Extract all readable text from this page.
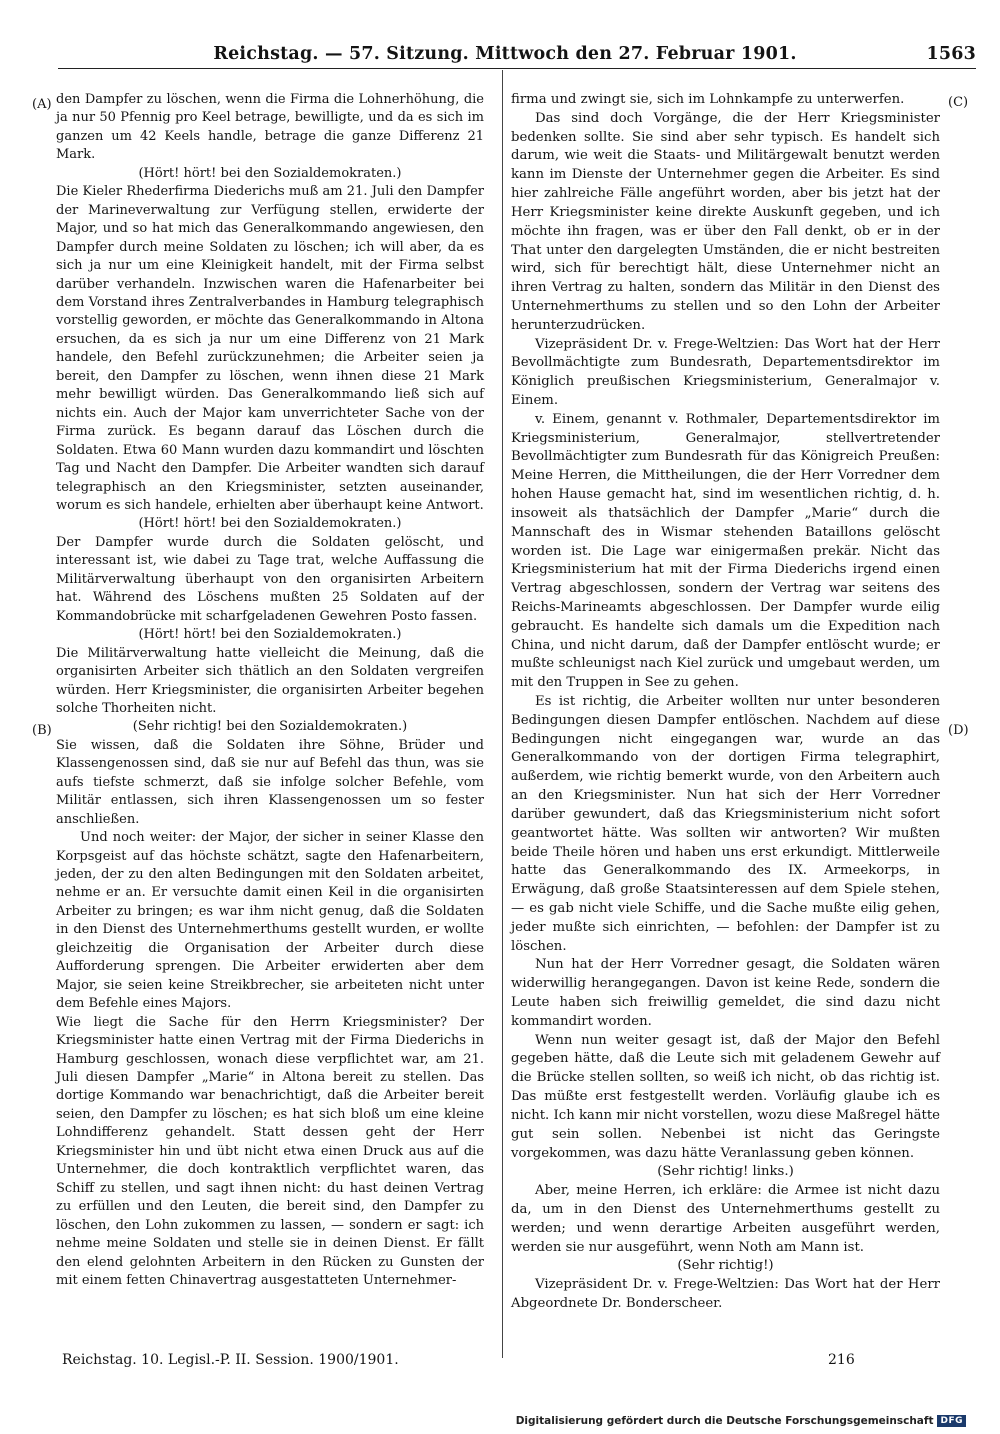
Reichstag. — 57. Sitzung. Mittwoch den 27. Februar 1901.	1563
(A)
(B)
(C)
(D)

den Dampfer zu löschen, wenn die Firma die Lohnerhöhung, die ja nur 50 Pfennig pro Keel betrage, bewilligte, und da es sich im ganzen um 42 Keels handle, betrage die ganze Differenz 21 Mark.

(Hört! hört! bei den Sozialdemokraten.)

Die Kieler Rhederfirma Diederichs muß am 21. Juli den Dampfer der Marineverwaltung zur Verfügung stellen, erwiderte der Major, und so hat mich das Generalkommando angewiesen, den Dampfer durch meine Soldaten zu löschen; ich will aber, da es sich ja nur um eine Kleinigkeit handelt, mit der Firma selbst darüber verhandeln. Inzwischen waren die Hafenarbeiter bei dem Vorstand ihres Zentralverbandes in Hamburg telegraphisch vorstellig geworden, er möchte das Generalkommando in Altona ersuchen, da es sich ja nur um eine Differenz von 21 Mark handele, den Befehl zurückzunehmen; die Arbeiter seien ja bereit, den Dampfer zu löschen, wenn ihnen diese 21 Mark mehr bewilligt würden. Das Generalkommando ließ sich auf nichts ein. Auch der Major kam unverrichteter Sache von der Firma zurück. Es begann darauf das Löschen durch die Soldaten. Etwa 60 Mann wurden dazu kommandirt und löschten Tag und Nacht den Dampfer. Die Arbeiter wandten sich darauf telegraphisch an den Kriegsminister, setzten auseinander, worum es sich handele, erhielten aber überhaupt keine Antwort.

(Hört! hört! bei den Sozialdemokraten.)

Der Dampfer wurde durch die Soldaten gelöscht, und interessant ist, wie dabei zu Tage trat, welche Auffassung die Militärverwaltung überhaupt von den organisirten Arbeitern hat. Während des Löschens mußten 25 Soldaten auf der Kommandobrücke mit scharfgeladenen Gewehren Posto fassen.

(Hört! hört! bei den Sozialdemokraten.)

Die Militärverwaltung hatte vielleicht die Meinung, daß die organisirten Arbeiter sich thätlich an den Soldaten vergreifen würden. Herr Kriegsminister, die organisirten Arbeiter begehen solche Thorheiten nicht.

(Sehr richtig! bei den Sozialdemokraten.)

Sie wissen, daß die Soldaten ihre Söhne, Brüder und Klassengenossen sind, daß sie nur auf Befehl das thun, was sie aufs tiefste schmerzt, daß sie infolge solcher Befehle, vom Militär entlassen, sich ihren Klassengenossen um so fester anschließen.

Und noch weiter: der Major, der sicher in seiner Klasse den Korpsgeist auf das höchste schätzt, sagte den Hafenarbeitern, jeden, der zu den alten Bedingungen mit den Soldaten arbeitet, nehme er an. Er versuchte damit einen Keil in die organisirten Arbeiter zu bringen; es war ihm nicht genug, daß die Soldaten in den Dienst des Unternehmerthums gestellt wurden, er wollte gleichzeitig die Organisation der Arbeiter durch diese Aufforderung sprengen. Die Arbeiter erwiderten aber dem Major, sie seien keine Streikbrecher, sie arbeiteten nicht unter dem Befehle eines Majors.

Wie liegt die Sache für den Herrn Kriegsminister? Der Kriegsminister hatte einen Vertrag mit der Firma Diederichs in Hamburg geschlossen, wonach diese verpflichtet war, am 21. Juli diesen Dampfer „Marie“ in Altona bereit zu stellen. Das dortige Kommando war benachrichtigt, daß die Arbeiter bereit seien, den Dampfer zu löschen; es hat sich bloß um eine kleine Lohndifferenz gehandelt. Statt dessen geht der Herr Kriegsminister hin und übt nicht etwa einen Druck aus auf die Unternehmer, die doch kontraktlich verpflichtet waren, das Schiff zu stellen, und sagt ihnen nicht: du hast deinen Vertrag zu erfüllen und den Leuten, die bereit sind, den Dampfer zu löschen, den Lohn zukommen zu lassen, — sondern er sagt: ich nehme meine Soldaten und stelle sie in deinen Dienst. Er fällt den elend gelohnten Arbeitern in den Rücken zu Gunsten der mit einem fetten Chinavertrag ausgestatteten Unternehmer-

firma und zwingt sie, sich im Lohnkampfe zu unterwerfen.

Das sind doch Vorgänge, die der Herr Kriegsminister bedenken sollte. Sie sind aber sehr typisch. Es handelt sich darum, wie weit die Staats- und Militärgewalt benutzt werden kann im Dienste der Unternehmer gegen die Arbeiter. Es sind hier zahlreiche Fälle angeführt worden, aber bis jetzt hat der Herr Kriegsminister keine direkte Auskunft gegeben, und ich möchte ihn fragen, was er über den Fall denkt, ob er in der That unter den dargelegten Umständen, die er nicht bestreiten wird, sich für berechtigt hält, diese Unternehmer nicht an ihren Vertrag zu halten, sondern das Militär in den Dienst des Unternehmerthums zu stellen und so den Lohn der Arbeiter herunterzudrücken.

Vizepräsident Dr. v. Frege-Weltzien: Das Wort hat der Herr Bevollmächtigte zum Bundesrath, Departementsdirektor im Königlich preußischen Kriegsministerium, Generalmajor v. Einem.

v. Einem, genannt v. Rothmaler, Departementsdirektor im Kriegsministerium, Generalmajor, stellvertretender Bevollmächtigter zum Bundesrath für das Königreich Preußen: Meine Herren, die Mittheilungen, die der Herr Vorredner dem hohen Hause gemacht hat, sind im wesentlichen richtig, d. h. insoweit als thatsächlich der Dampfer „Marie“ durch die Mannschaft des in Wismar stehenden Bataillons gelöscht worden ist. Die Lage war einigermaßen prekär. Nicht das Kriegsministerium hat mit der Firma Diederichs irgend einen Vertrag abgeschlossen, sondern der Vertrag war seitens des Reichs-Marineamts abgeschlossen. Der Dampfer wurde eilig gebraucht. Es handelte sich damals um die Expedition nach China, und nicht darum, daß der Dampfer entlöscht wurde; er mußte schleunigst nach Kiel zurück und umgebaut werden, um mit den Truppen in See zu gehen.

Es ist richtig, die Arbeiter wollten nur unter besonderen Bedingungen diesen Dampfer entlöschen. Nachdem auf diese Bedingungen nicht eingegangen war, wurde an das Generalkommando von der dortigen Firma telegraphirt, außerdem, wie richtig bemerkt wurde, von den Arbeitern auch an den Kriegsminister. Nun hat sich der Herr Vorredner darüber gewundert, daß das Kriegsministerium nicht sofort geantwortet hätte. Was sollten wir antworten? Wir mußten beide Theile hören und haben uns erst erkundigt. Mittlerweile hatte das Generalkommando des IX. Armeekorps, in Erwägung, daß große Staatsinteressen auf dem Spiele stehen, — es gab nicht viele Schiffe, und die Sache mußte eilig gehen, jeder mußte sich einrichten, — befohlen: der Dampfer ist zu löschen.

Nun hat der Herr Vorredner gesagt, die Soldaten wären widerwillig herangegangen. Davon ist keine Rede, sondern die Leute haben sich freiwillig gemeldet, die sind dazu nicht kommandirt worden.

Wenn nun weiter gesagt ist, daß der Major den Befehl gegeben hätte, daß die Leute sich mit geladenem Gewehr auf die Brücke stellen sollten, so weiß ich nicht, ob das richtig ist. Das müßte erst festgestellt werden. Vorläufig glaube ich es nicht. Ich kann mir nicht vorstellen, wozu diese Maßregel hätte gut sein sollen. Nebenbei ist nicht das Geringste vorgekommen, was dazu hätte Veranlassung geben können.

(Sehr richtig! links.)

Aber, meine Herren, ich erkläre: die Armee ist nicht dazu da, um in den Dienst des Unternehmerthums gestellt zu werden; und wenn derartige Arbeiten ausgeführt werden, werden sie nur ausgeführt, wenn Noth am Mann ist.

(Sehr richtig!)

Vizepräsident Dr. v. Frege-Weltzien: Das Wort hat der Herr Abgeordnete Dr. Bonderscheer.

Reichstag. 10. Legisl.-P. II. Session. 1900/1901.	216
Digitalisierung gefördert durch die Deutsche Forschungsgemeinschaft DFG
